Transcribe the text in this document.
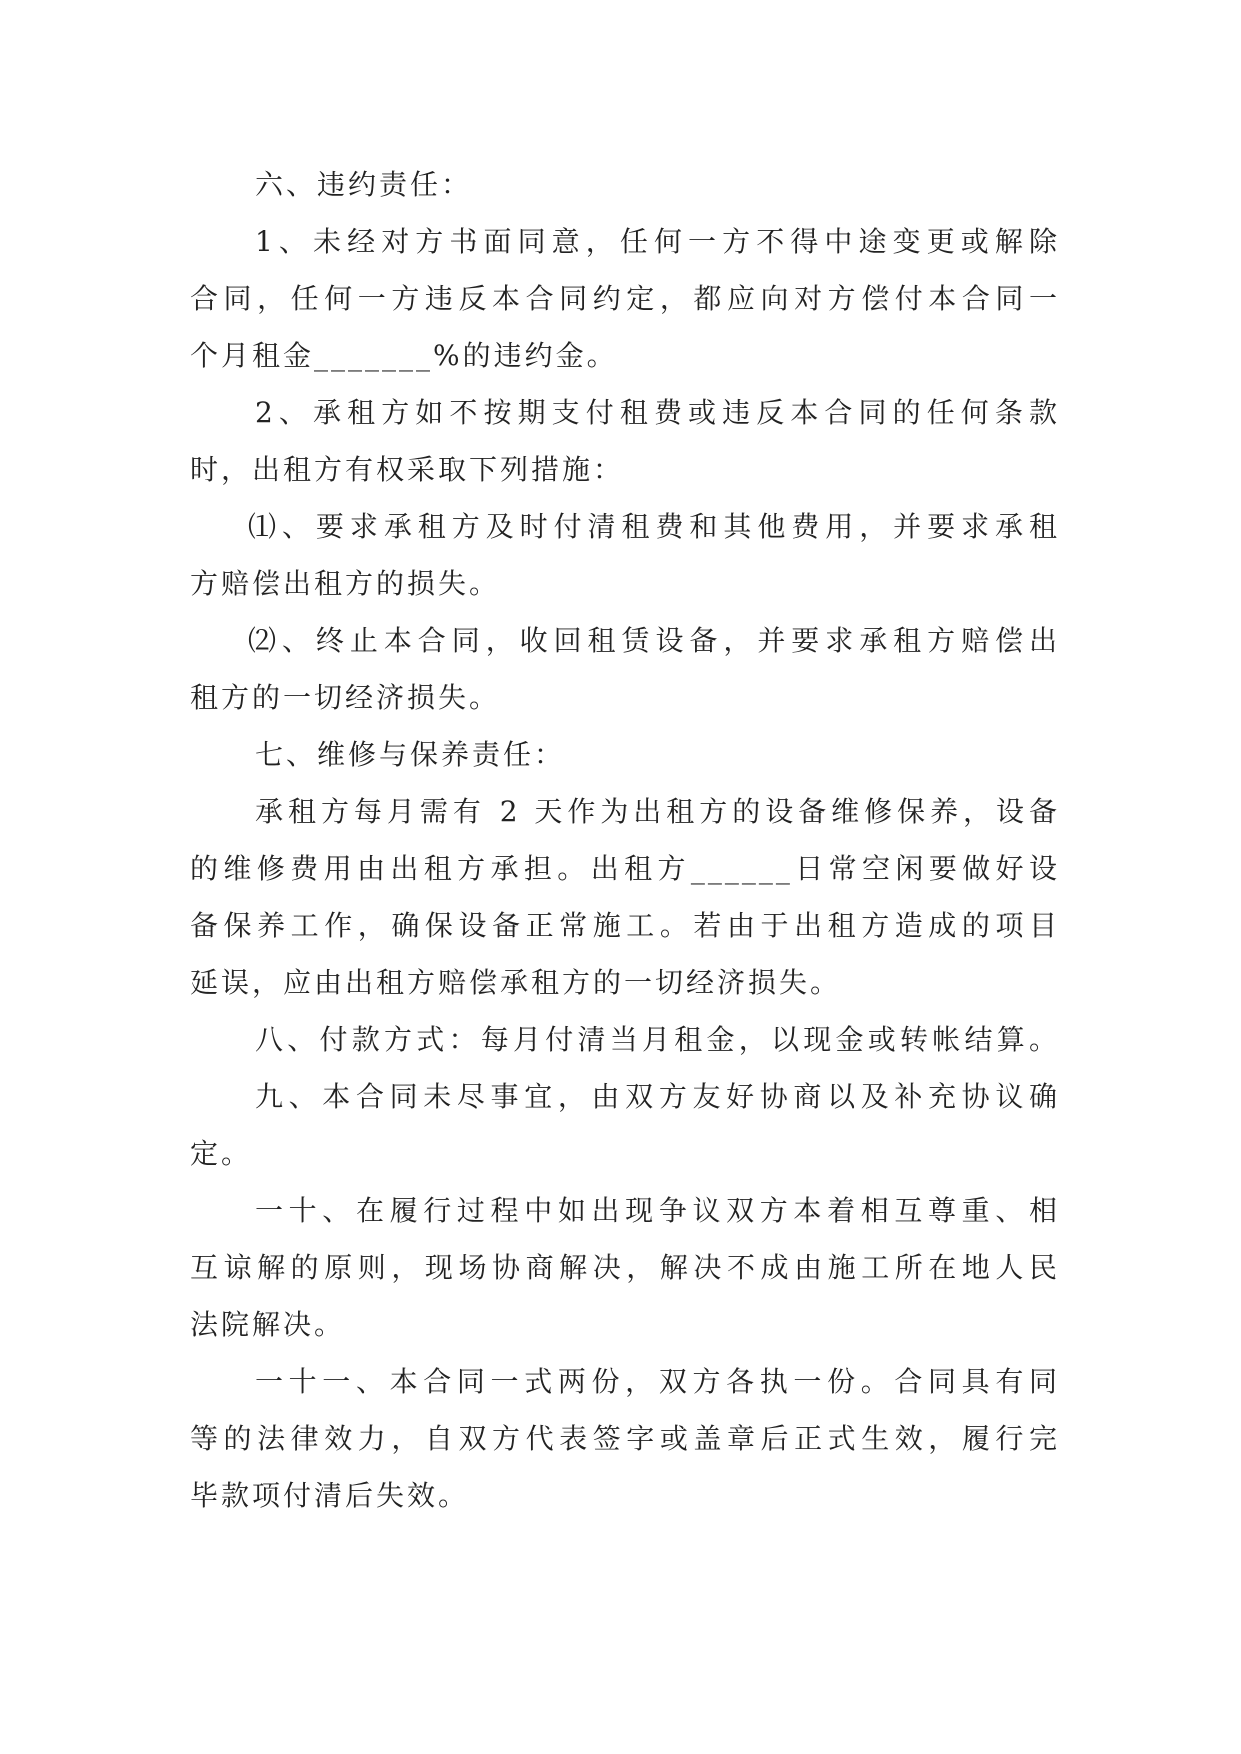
六、违约责任：
1、未经对方书面同意，任何一方不得中途变更或解除
合同，任何一方违反本合同约定，都应向对方偿付本合同一
个月租金_______%的违约金。
2、承租方如不按期支付租费或违反本合同的任何条款
时，出租方有权采取下列措施：
⑴、要求承租方及时付清租费和其他费用，并要求承租
方赔偿出租方的损失。
⑵、终止本合同，收回租赁设备，并要求承租方赔偿出
租方的一切经济损失。
七、维修与保养责任：
承租方每月需有 2 天作为出租方的设备维修保养，设备
的维修费用由出租方承担。出租方______日常空闲要做好设
备保养工作，确保设备正常施工。若由于出租方造成的项目
延误，应由出租方赔偿承租方的一切经济损失。
八、付款方式：每月付清当月租金，以现金或转帐结算。
九、本合同未尽事宜，由双方友好协商以及补充协议确
定。
一十、在履行过程中如出现争议双方本着相互尊重、相
互谅解的原则，现场协商解决，解决不成由施工所在地人民
法院解决。
一十一、本合同一式两份，双方各执一份。合同具有同
等的法律效力，自双方代表签字或盖章后正式生效，履行完
毕款项付清后失效。
